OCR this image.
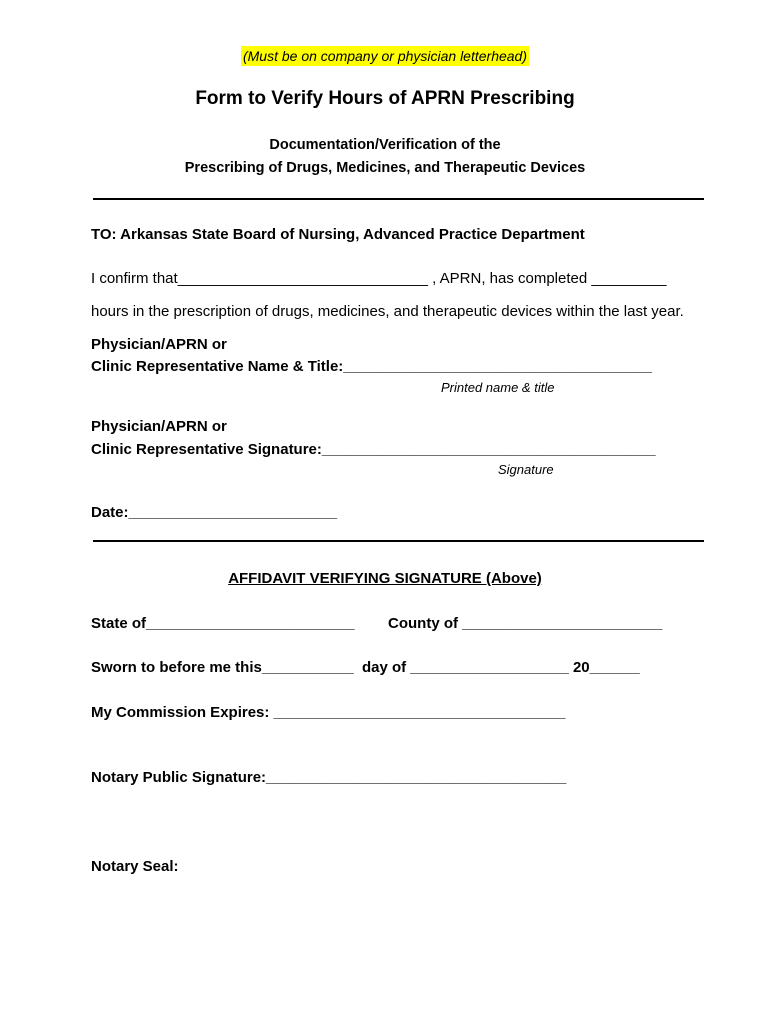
(Must be on company or physician letterhead)
Form to Verify Hours of APRN Prescribing
Documentation/Verification of the
Prescribing of Drugs, Medicines, and Therapeutic Devices
TO: Arkansas State Board of Nursing, Advanced Practice Department
I confirm that______________________________ , APRN, has completed _________
hours in the prescription of drugs, medicines, and therapeutic devices within the last year.
Physician/APRN or
Clinic Representative Name & Title:_____________________________________
Printed name & title
Physician/APRN or
Clinic Representative Signature:________________________________________
Signature
Date:_________________________
AFFIDAVIT VERIFYING SIGNATURE (Above)
State of_________________________ County of ________________________
Sworn to before me this___________  day of ___________________ 20______
My Commission Expires: ___________________________________
Notary Public Signature:____________________________________
Notary Seal:
